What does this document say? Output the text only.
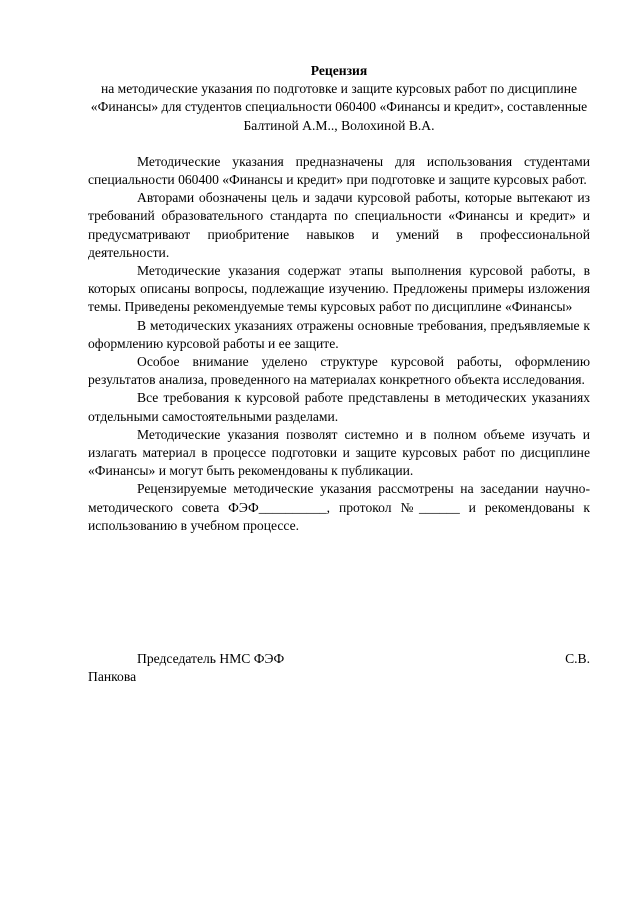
Рецензия

на методические указания по подготовке и защите курсовых работ по дисциплине «Финансы» для студентов специальности 060400 «Финансы и кредит», составленные Балтиной А.М.., Волохиной В.А.

Методические указания предназначены для использования студентами специальности 060400 «Финансы и кредит» при подготовке и защите курсовых работ.

Авторами обозначены цель и задачи курсовой работы, которые вытекают из требований образовательного стандарта по специальности «Финансы и кредит» и предусматривают приобритение навыков и умений в профессиональной деятельности.

Методические указания содержат этапы выполнения курсовой работы, в которых описаны вопросы, подлежащие изучению. Предложены примеры изложения темы. Приведены рекомендуемые темы курсовых работ по дисциплине «Финансы»

В методических указаниях отражены основные требования, предъявляемые к оформлению курсовой работы и ее защите.

Особое внимание уделено структуре курсовой работы, оформлению результатов анализа, проведенного на материалах конкретного объекта исследования.

Все требования к курсовой работе представлены в методических указаниях отдельными самостоятельными разделами.

Методические указания позволят системно и в полном объеме изучать и излагать материал в процессе подготовки и защите курсовых работ по дисциплине «Финансы» и могут быть рекомендованы к публикации.

Рецензируемые методические указания рассмотрены на заседании научно-методического совета ФЭФ__________, протокол №______ и рекомендованы к использованию в учебном процессе.

Председатель НМС ФЭФ	С.В.

Панкова
